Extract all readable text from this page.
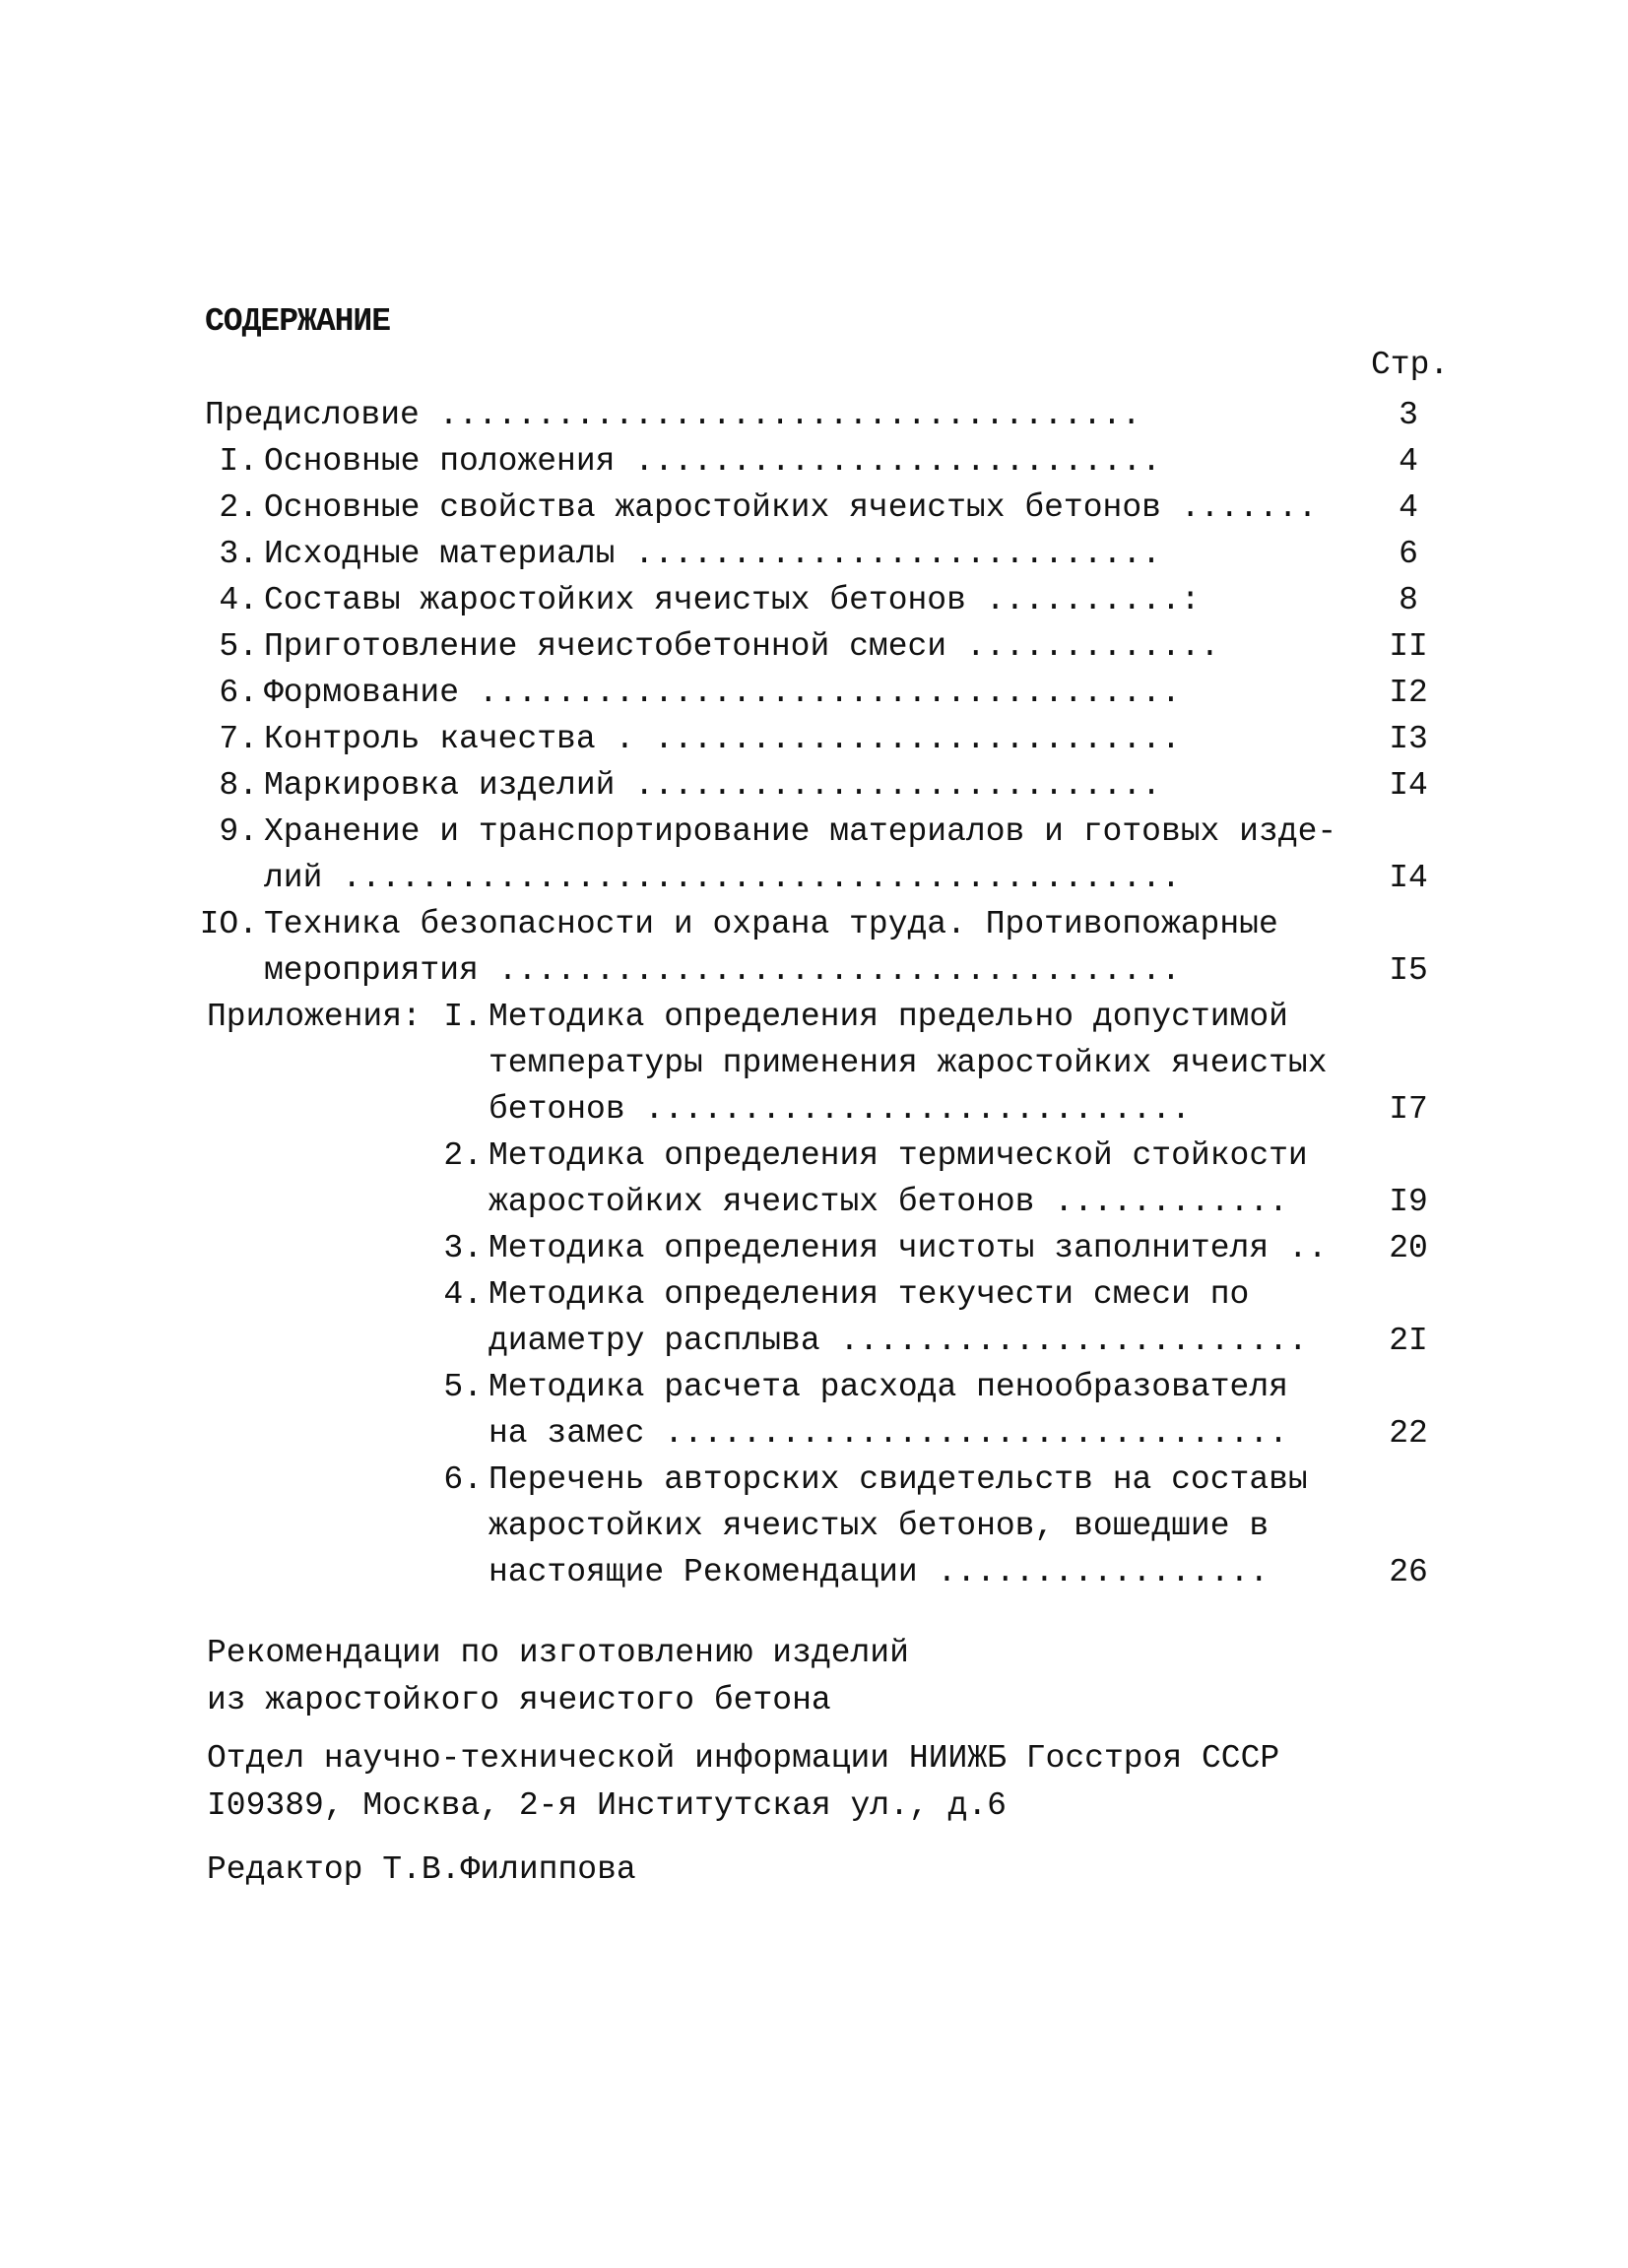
СОДЕРЖАНИЕ
Стр.
Предисловие ....................................	3
I. Основные положения ...........................	4
2. Основные свойства жаростойких ячеистых бетонов .......	4
3. Исходные материалы ...........................	6
4. Составы жаростойких ячеистых бетонов ..........:	8
5. Приготовление ячеистобетонной смеси .............	II
6. Формование ....................................	I2
7. Контроль качества . ...........................	I3
8. Маркировка изделий ...........................	I4
9. Хранение и транспортирование материалов и готовых изде-
лий ...........................................	I4
IO. Техника безопасности и охрана труда. Противопожарные
мероприятия ...................................	I5
Приложения: I. Методика определения предельно допустимой
температуры применения жаростойких ячеистых
бетонов ............................	I7
2. Методика определения термической стойкости
жаростойких ячеистых бетонов ............	I9
3. Методика определения чистоты заполнителя ..	20
4. Методика определения текучести смеси по
диаметру расплыва ........................	2I
5. Методика расчета расхода пенообразователя
на замес ................................	22
6. Перечень авторских свидетельств на составы
жаростойких ячеистых бетонов, вошедшие в
настоящие Рекомендации .................	26
Рекомендации по изготовлению изделий
из жаростойкого ячеистого бетона
Отдел научно-технической информации НИИЖБ Госстроя СССР
I09389, Москва, 2-я Институтская ул., д.6
Редактор Т.В.Филиппова
